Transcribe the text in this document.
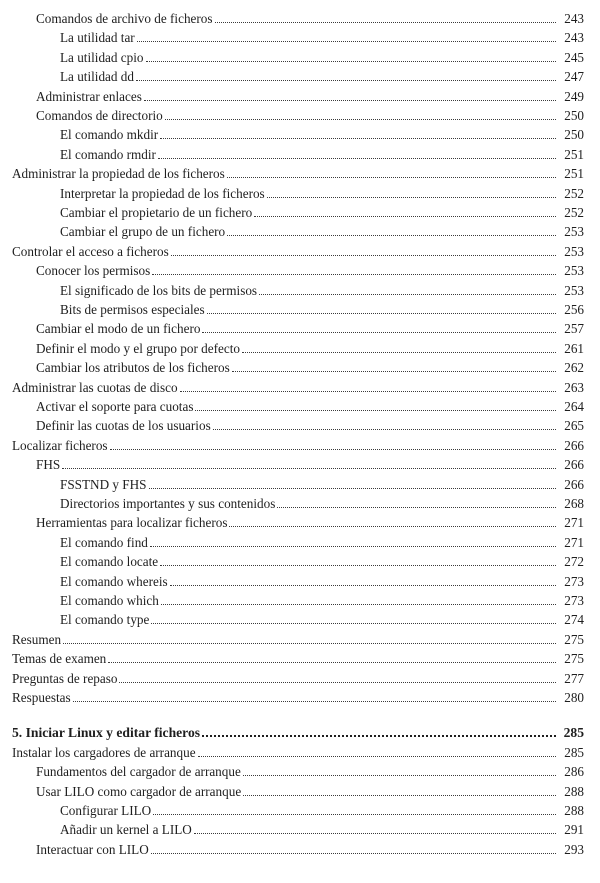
Comandos de archivo de ficheros	243
La utilidad tar	243
La utilidad cpio	245
La utilidad dd	247
Administrar enlaces	249
Comandos de directorio	250
El comando mkdir	250
El comando rmdir	251
Administrar la propiedad de los ficheros	251
Interpretar la propiedad de los ficheros	252
Cambiar el propietario de un fichero	252
Cambiar el grupo de un fichero	253
Controlar el acceso a ficheros	253
Conocer los permisos	253
El significado de los bits de permisos	253
Bits de permisos especiales	256
Cambiar el modo de un fichero	257
Definir el modo y el grupo por defecto	261
Cambiar los atributos de los ficheros	262
Administrar las cuotas de disco	263
Activar el soporte para cuotas	264
Definir las cuotas de los usuarios	265
Localizar ficheros	266
FHS	266
FSSTND y FHS	266
Directorios importantes y sus contenidos	268
Herramientas para localizar ficheros	271
El comando find	271
El comando locate	272
El comando whereis	273
El comando which	273
El comando type	274
Resumen	275
Temas de examen	275
Preguntas de repaso	277
Respuestas	280
5. Iniciar Linux y editar ficheros	285
Instalar los cargadores de arranque	285
Fundamentos del cargador de arranque	286
Usar LILO como cargador de arranque	288
Configurar LILO	288
Añadir un kernel a LILO	291
Interactuar con LILO	293
